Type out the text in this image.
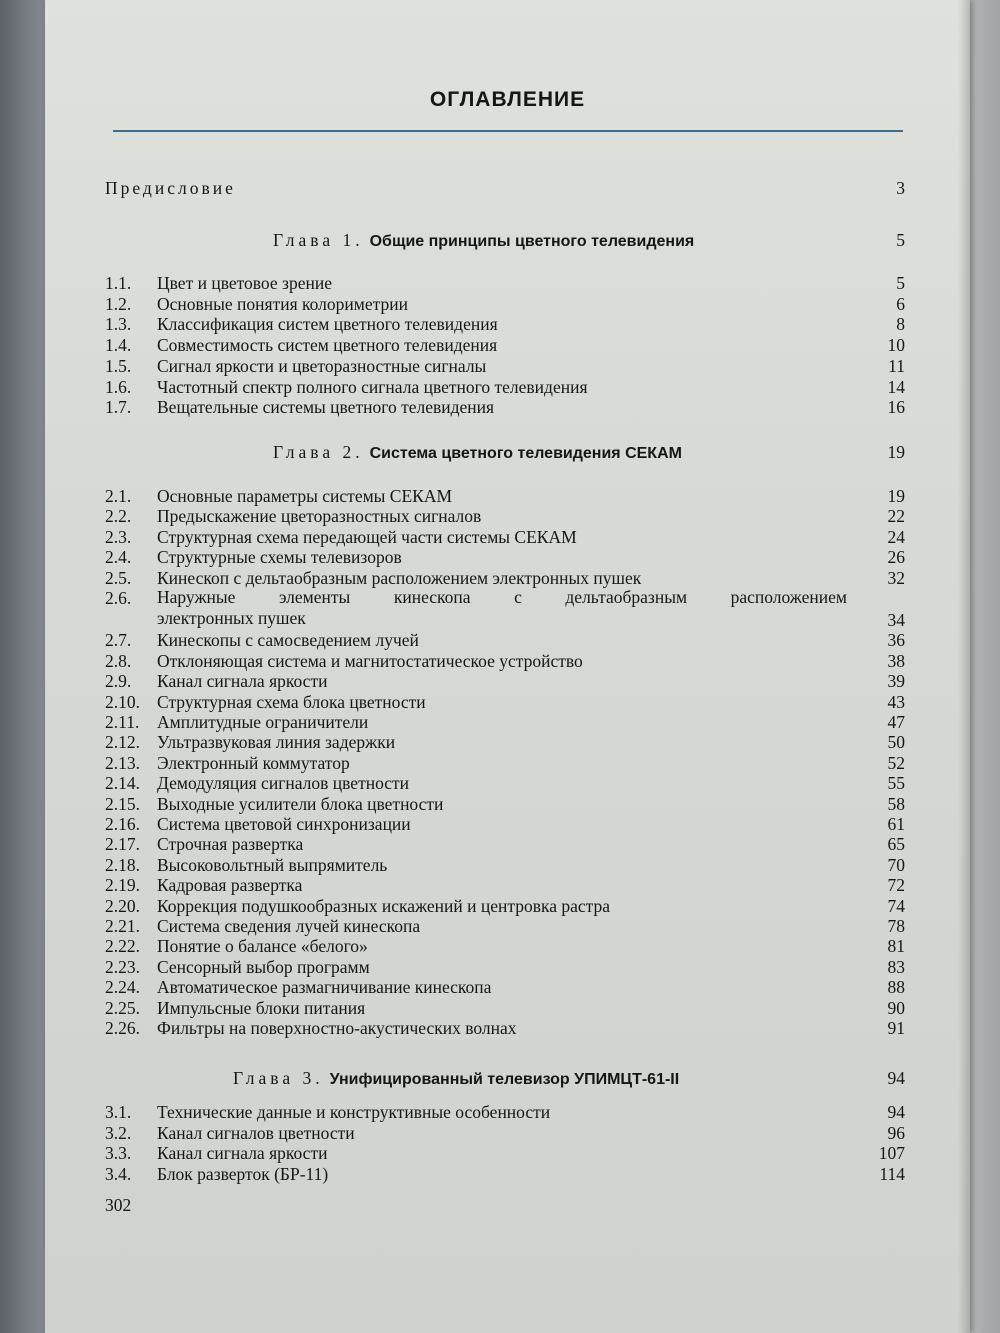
ОГЛАВЛЕНИЕ
Предисловие	3
302
Глава 1. Общие принципы цветного телевидения	5
1.1. Цвет и цветовое зрение	5
1.2. Основные понятия колориметрии	6
1.3. Классификация систем цветного телевидения	8
1.4. Совместимость систем цветного телевидения	10
1.5. Сигнал яркости и цветоразностные сигналы	11
1.6. Частотный спектр полного сигнала цветного телевидения	14
1.7. Вещательные системы цветного телевидения	16
Глава 2. Система цветного телевидения СЕКАМ	19
2.1. Основные параметры системы СЕКАМ	19
2.2. Предыскажение цветоразностных сигналов	22
2.3. Структурная схема передающей части системы СЕКАМ	24
2.4. Структурные схемы телевизоров	26
2.5. Кинескоп с дельтаобразным расположением электронных пушек	32
2.6. Наружные элементы кинескопа с дельтаобразным расположением
электронных пушек	34
2.7. Кинескопы с самосведением лучей	36
2.8. Отклоняющая система и магнитостатическое устройство	38
2.9. Канал сигнала яркости	39
2.10. Структурная схема блока цветности	43
2.11. Амплитудные ограничители	47
2.12. Ультразвуковая линия задержки	50
2.13. Электронный коммутатор	52
2.14. Демодуляция сигналов цветности	55
2.15. Выходные усилители блока цветности	58
2.16. Система цветовой синхронизации	61
2.17. Строчная развертка	65
2.18. Высоковольтный выпрямитель	70
2.19. Кадровая развертка	72
2.20. Коррекция подушкообразных искажений и центровка растра	74
2.21. Система сведения лучей кинескопа	78
2.22. Понятие о балансе «белого»	81
2.23. Сенсорный выбор программ	83
2.24. Автоматическое размагничивание кинескопа	88
2.25. Импульсные блоки питания	90
2.26. Фильтры на поверхностно-акустических волнах	91
Глава 3. Унифицированный телевизор УПИМЦТ-61-II	94
3.1. Технические данные и конструктивные особенности	94
3.2. Канал сигналов цветности	96
3.3. Канал сигнала яркости	107
3.4. Блок разверток (БР-11)	114
